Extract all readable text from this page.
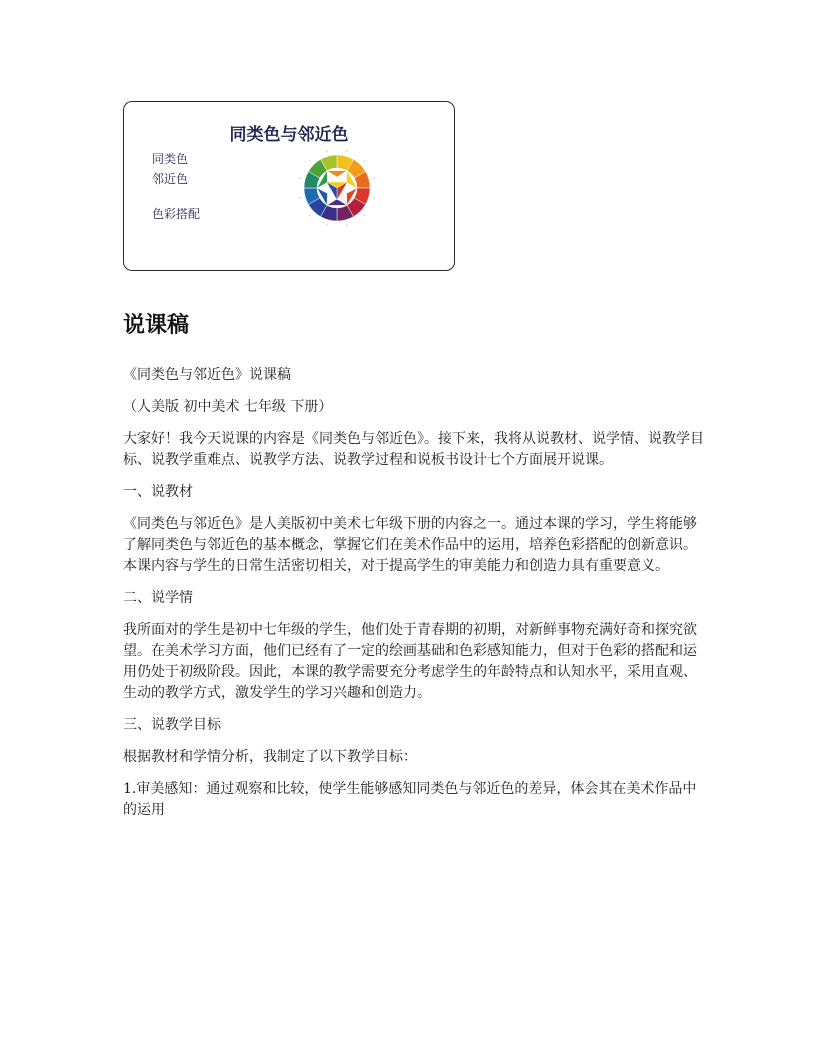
同类色与邻近色
同类色
邻近色
色彩搭配
说课稿

《同类色与邻近色》说课稿

（人美版 初中美术 七年级 下册）

大家好！我今天说课的内容是《同类色与邻近色》。接下来，我将从说教材、说学情、说教学目标、说教学重难点、说教学方法、说教学过程和说板书设计七个方面展开说课。

一、说教材

《同类色与邻近色》是人美版初中美术七年级下册的内容之一。通过本课的学习，学生将能够了解同类色与邻近色的基本概念，掌握它们在美术作品中的运用，培养色彩搭配的创新意识。本课内容与学生的日常生活密切相关，对于提高学生的审美能力和创造力具有重要意义。

二、说学情

我所面对的学生是初中七年级的学生，他们处于青春期的初期，对新鲜事物充满好奇和探究欲望。在美术学习方面，他们已经有了一定的绘画基础和色彩感知能力，但对于色彩的搭配和运用仍处于初级阶段。因此，本课的教学需要充分考虑学生的年龄特点和认知水平，采用直观、生动的教学方式，激发学生的学习兴趣和创造力。

三、说教学目标

根据教材和学情分析，我制定了以下教学目标：

1.审美感知：通过观察和比较，使学生能够感知同类色与邻近色的差异，体会其在美术作品中的运用
